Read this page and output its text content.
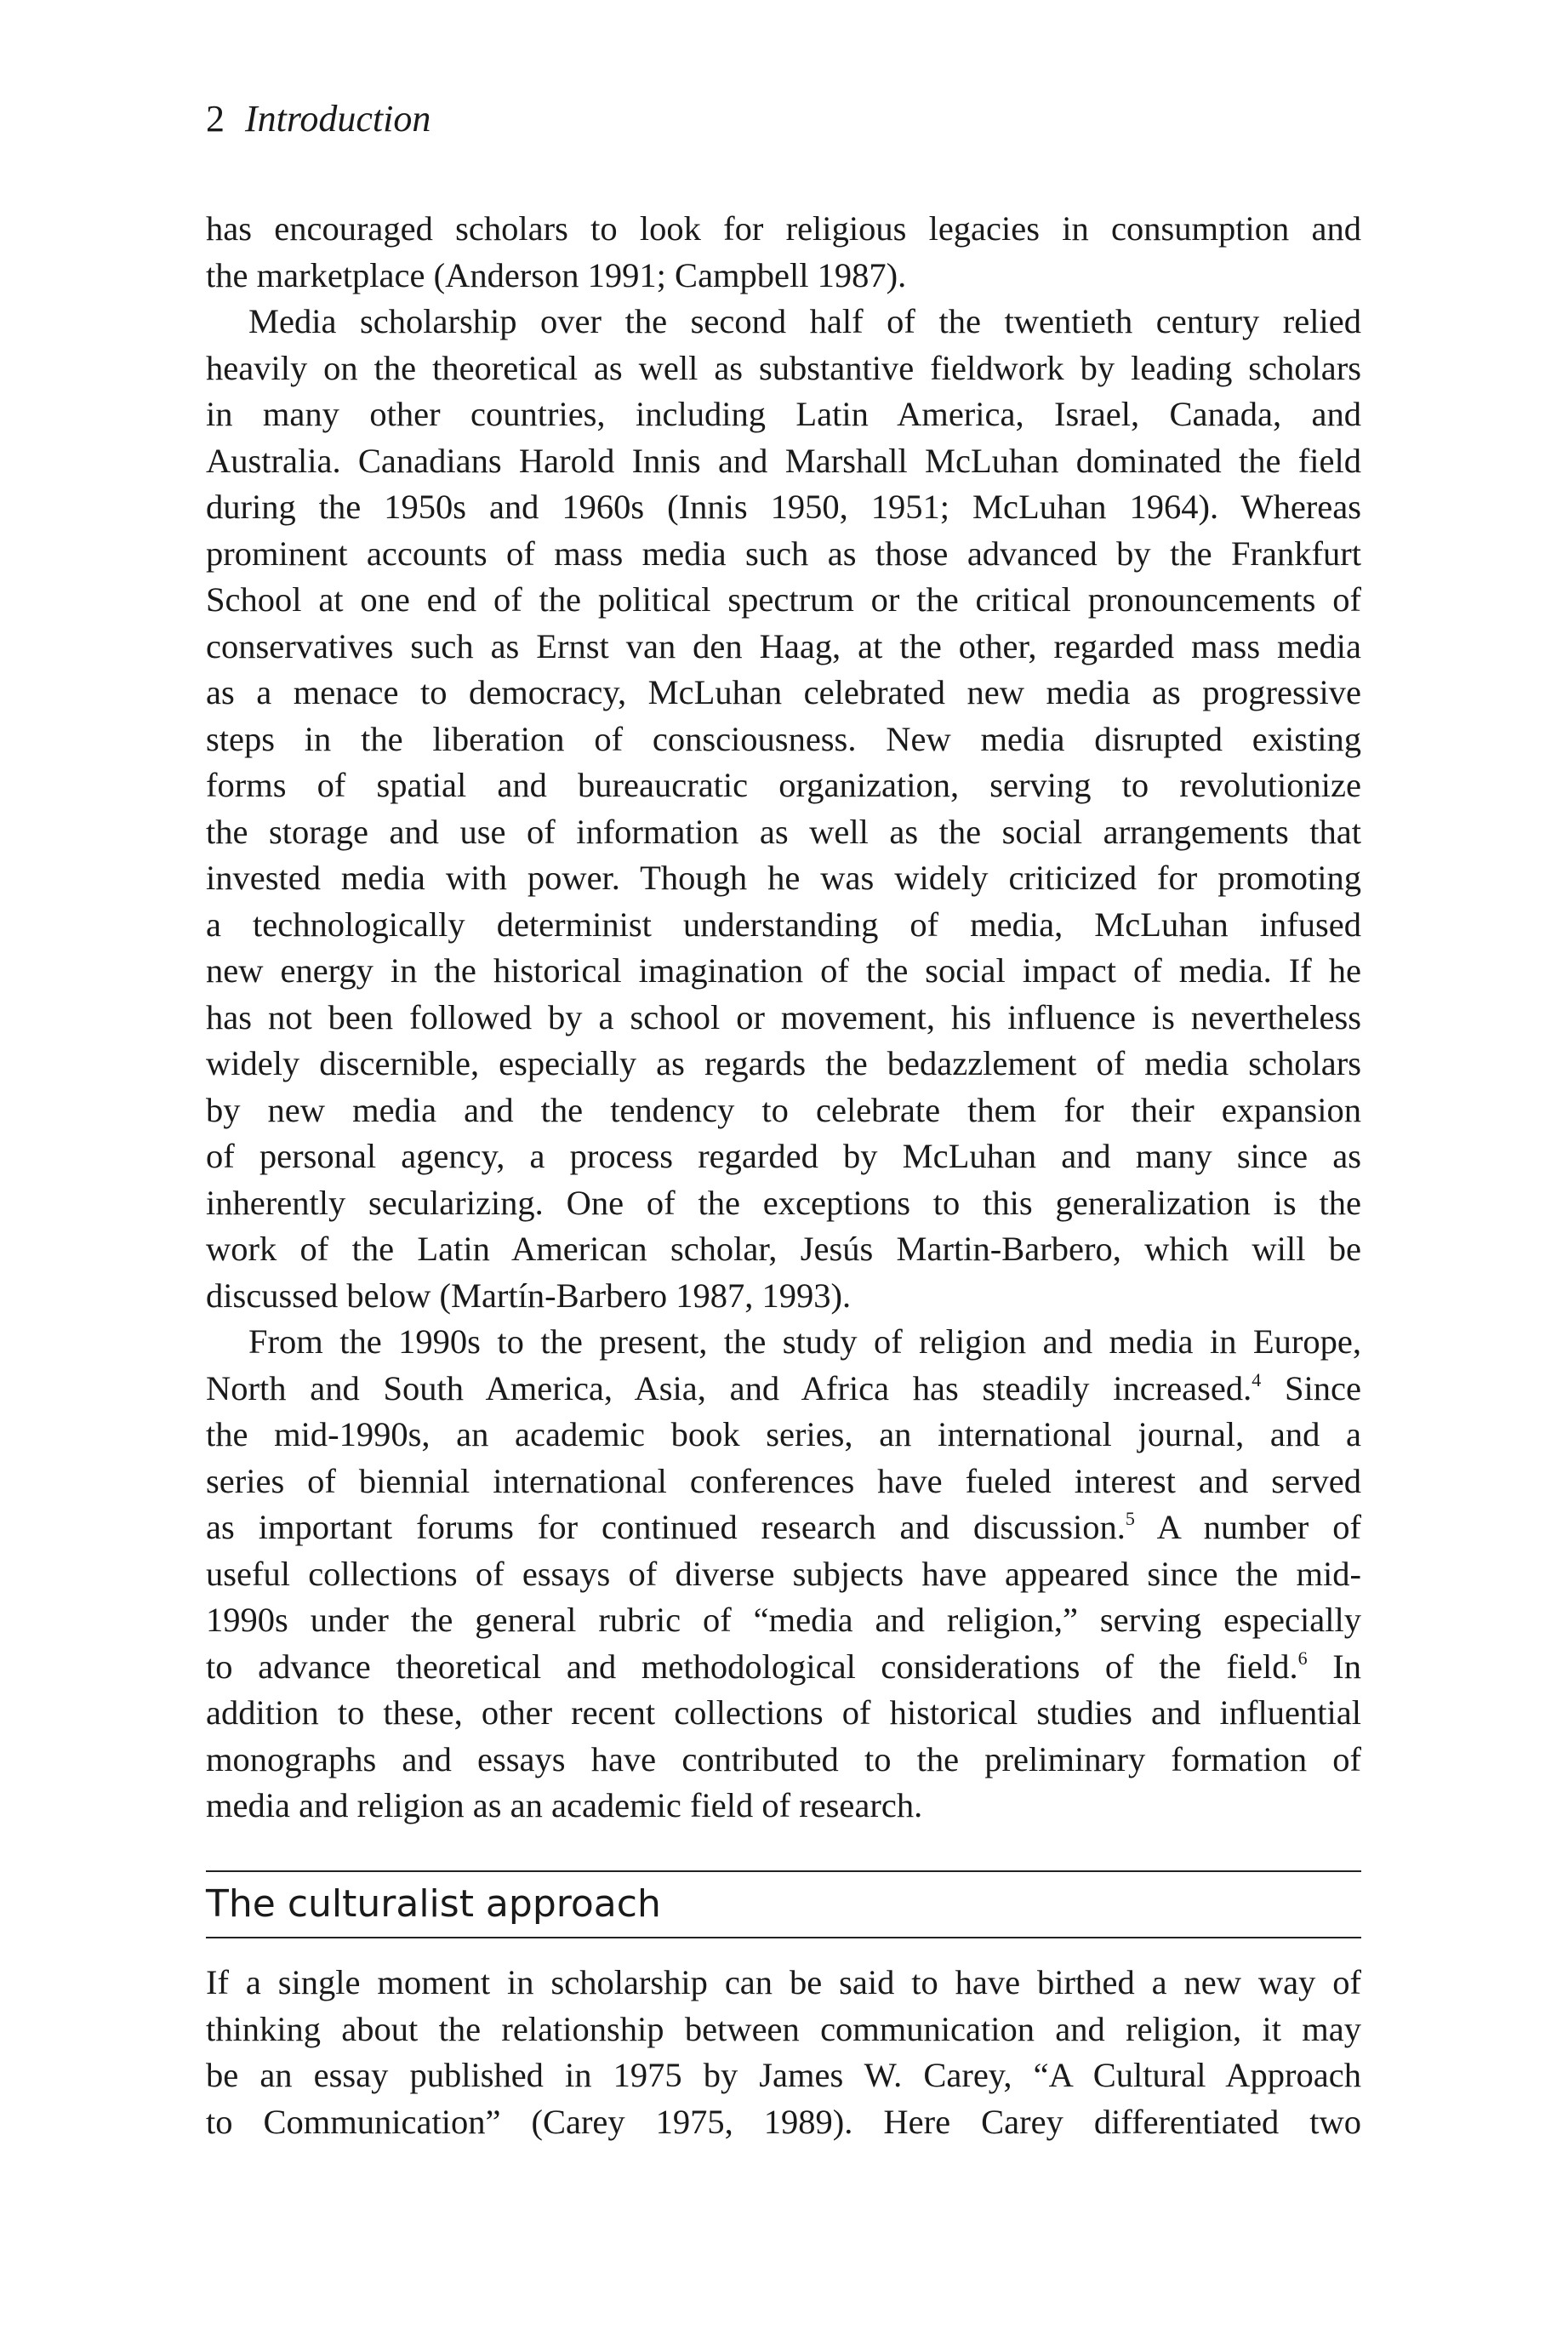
2 Introduction
has encouraged scholars to look for religious legacies in consumption and
the marketplace (Anderson 1991; Campbell 1987).
Media scholarship over the second half of the twentieth century relied
heavily on the theoretical as well as substantive fieldwork by leading scholars
in many other countries, including Latin America, Israel, Canada, and
Australia. Canadians Harold Innis and Marshall McLuhan dominated the field
during the 1950s and 1960s (Innis 1950, 1951; McLuhan 1964). Whereas
prominent accounts of mass media such as those advanced by the Frankfurt
School at one end of the political spectrum or the critical pronouncements of
conservatives such as Ernst van den Haag, at the other, regarded mass media
as a menace to democracy, McLuhan celebrated new media as progressive
steps in the liberation of consciousness. New media disrupted existing
forms of spatial and bureaucratic organization, serving to revolutionize
the storage and use of information as well as the social arrangements that
invested media with power. Though he was widely criticized for promoting
a technologically determinist understanding of media, McLuhan infused
new energy in the historical imagination of the social impact of media. If he
has not been followed by a school or movement, his influence is nevertheless
widely discernible, especially as regards the bedazzlement of media scholars
by new media and the tendency to celebrate them for their expansion
of personal agency, a process regarded by McLuhan and many since as
inherently secularizing. One of the exceptions to this generalization is the
work of the Latin American scholar, Jesús Martin-Barbero, which will be
discussed below (Martín-Barbero 1987, 1993).
From the 1990s to the present, the study of religion and media in Europe,
North and South America, Asia, and Africa has steadily increased.$^4$ Since
the mid-1990s, an academic book series, an international journal, and a
series of biennial international conferences have fueled interest and served
as important forums for continued research and discussion.$^5$ A number of
useful collections of essays of diverse subjects have appeared since the mid-
1990s under the general rubric of “media and religion,” serving especially
to advance theoretical and methodological considerations of the field.$^6$ In
addition to these, other recent collections of historical studies and influential
monographs and essays have contributed to the preliminary formation of
media and religion as an academic field of research.
The culturalist approach
If a single moment in scholarship can be said to have birthed a new way of
thinking about the relationship between communication and religion, it may
be an essay published in 1975 by James W. Carey, “A Cultural Approach
to Communication” (Carey 1975, 1989). Here Carey differentiated two
